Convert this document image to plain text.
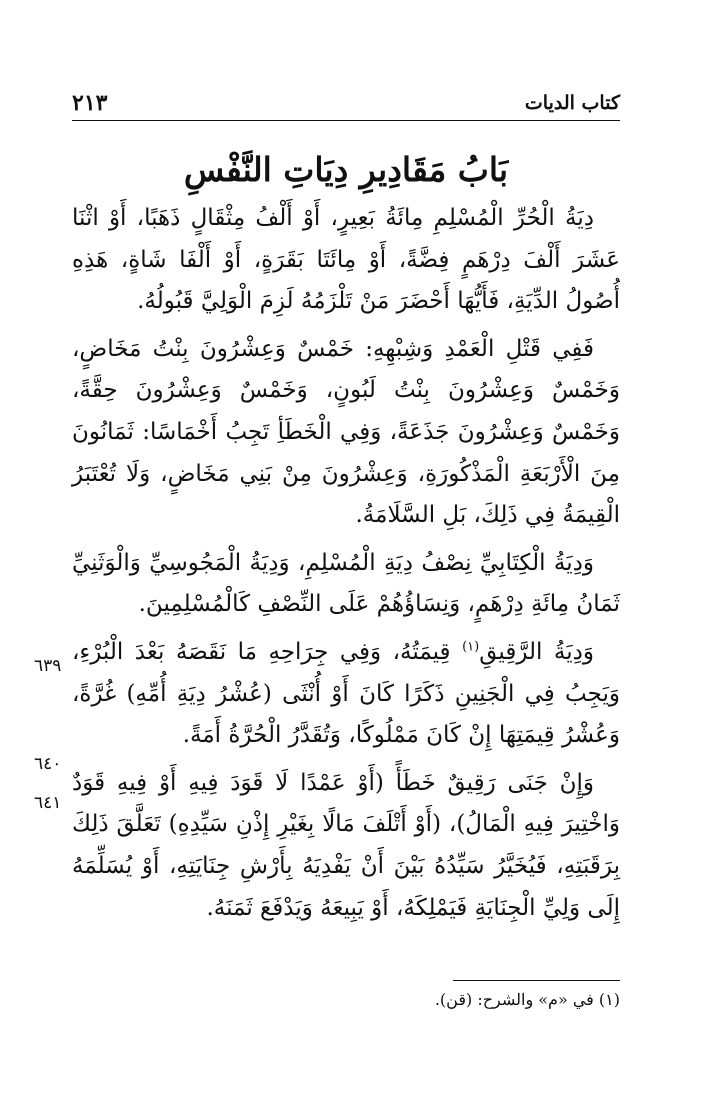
كتاب الديات
٢١٣
بَابُ مَقَادِيرِ دِيَاتِ النَّفْسِ

دِيَةُ الْحُرِّ الْمُسْلِمِ مِائَةُ بَعِيرٍ، أَوْ أَلْفُ مِثْقَالٍ ذَهَبًا، أَوْ اثْنَا عَشَرَ أَلْفَ دِرْهَمٍ فِضَّةً، أَوْ مِائَتَا بَقَرَةٍ، أَوْ أَلْفَا شَاةٍ، هَذِهِ أُصُولُ الدِّيَةِ، فَأَيُّهَا أَحْضَرَ مَنْ تَلْزَمُهُ لَزِمَ الْوَلِيَّ قَبُولُهُ.

فَفِي قَتْلِ الْعَمْدِ وَشِبْهِهِ: خَمْسٌ وَعِشْرُونَ بِنْتُ مَخَاضٍ، وَخَمْسٌ وَعِشْرُونَ بِنْتُ لَبُونٍ، وَخَمْسٌ وَعِشْرُونَ حِقَّةً، وَخَمْسٌ وَعِشْرُونَ جَذَعَةً، وَفِي الْخَطَأِ تَجِبُ أَخْمَاسًا: ثَمَانُونَ مِنَ الْأَرْبَعَةِ الْمَذْكُورَةِ، وَعِشْرُونَ مِنْ بَنِي مَخَاضٍ، وَلَا تُعْتَبَرُ الْقِيمَةُ فِي ذَلِكَ، بَلِ السَّلَامَةُ.

وَدِيَةُ الْكِتَابِيِّ نِصْفُ دِيَةِ الْمُسْلِمِ، وَدِيَةُ الْمَجُوسِيِّ وَالْوَثَنِيِّ ثَمَانُ مِائَةِ دِرْهَمٍ، وَنِسَاؤُهُمْ عَلَى النِّصْفِ كَالْمُسْلِمِينَ.

وَدِيَةُ الرَّقِيقِ$^{(١)}$ قِيمَتُهُ، وَفِي جِرَاحِهِ مَا نَقَصَهُ بَعْدَ الْبُرْءِ، وَيَجِبُ فِي الْجَنِينِ ذَكَرًا كَانَ أَوْ أُنْثَى (عُشْرُ دِيَةِ أُمِّهِ) غُرَّةً، وَعُشْرُ قِيمَتِهَا إِنْ كَانَ مَمْلُوكًا، وَتُقَدَّرُ الْحُرَّةُ أَمَةً.

وَإِنْ جَنَى رَقِيقٌ خَطَأً (أَوْ عَمْدًا لَا قَوَدَ فِيهِ أَوْ فِيهِ قَوَدٌ وَاخْتِيرَ فِيهِ الْمَالُ)، (أَوْ أَتْلَفَ مَالًا بِغَيْرِ إِذْنِ سَيِّدِهِ) تَعَلَّقَ ذَلِكَ بِرَقَبَتِهِ، فَيُخَيَّرُ سَيِّدُهُ بَيْنَ أَنْ يَفْدِيَهُ بِأَرْشِ جِنَايَتِهِ، أَوْ يُسَلِّمَهُ إِلَى وَلِيِّ الْجِنَايَةِ فَيَمْلِكَهُ، أَوْ يَبِيعَهُ وَيَدْفَعَ ثَمَنَهُ.

٦٣٩
٦٤٠
٦٤١
(١) في «م» والشرح: (قن).
